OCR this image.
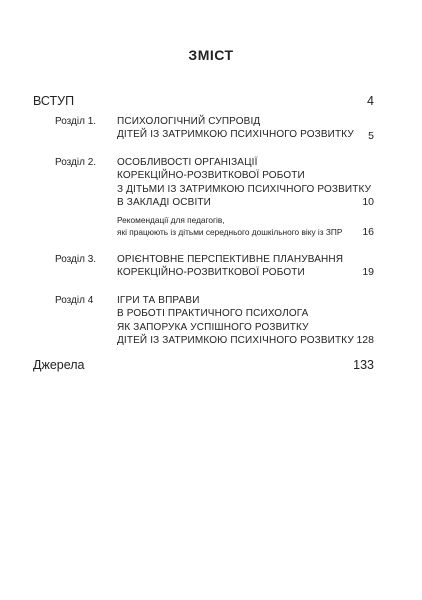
ЗМІСТ
ВСТУП	4
Розділ 1. ПСИХОЛОГІЧНИЙ СУПРОВІД
ДІТЕЙ ІЗ ЗАТРИМКОЮ ПСИХІЧНОГО РОЗВИТКУ 5
Розділ 2. ОСОБЛИВОСТІ ОРГАНІЗАЦІЇ
КОРЕКЦІЙНО-РОЗВИТКОВОЇ РОБОТИ
З ДІТЬМИ ІЗ ЗАТРИМКОЮ ПСИХІЧНОГО РОЗВИТКУ
В ЗАКЛАДІ ОСВІТИ	10
Рекомендації для педагогів,
які працюють із дітьми середнього дошкільного віку із ЗПР 16
Розділ 3. ОРІЄНТОВНЕ ПЕРСПЕКТИВНЕ ПЛАНУВАННЯ
КОРЕКЦІЙНО-РОЗВИТКОВОЇ РОБОТИ	19
Розділ 4 ІГРИ ТА ВПРАВИ
В РОБОТІ ПРАКТИЧНОГО ПСИХОЛОГА
ЯК ЗАПОРУКА УСПІШНОГО РОЗВИТКУ
ДІТЕЙ ІЗ ЗАТРИМКОЮ ПСИХІЧНОГО РОЗВИТКУ 128
Джерела	133
